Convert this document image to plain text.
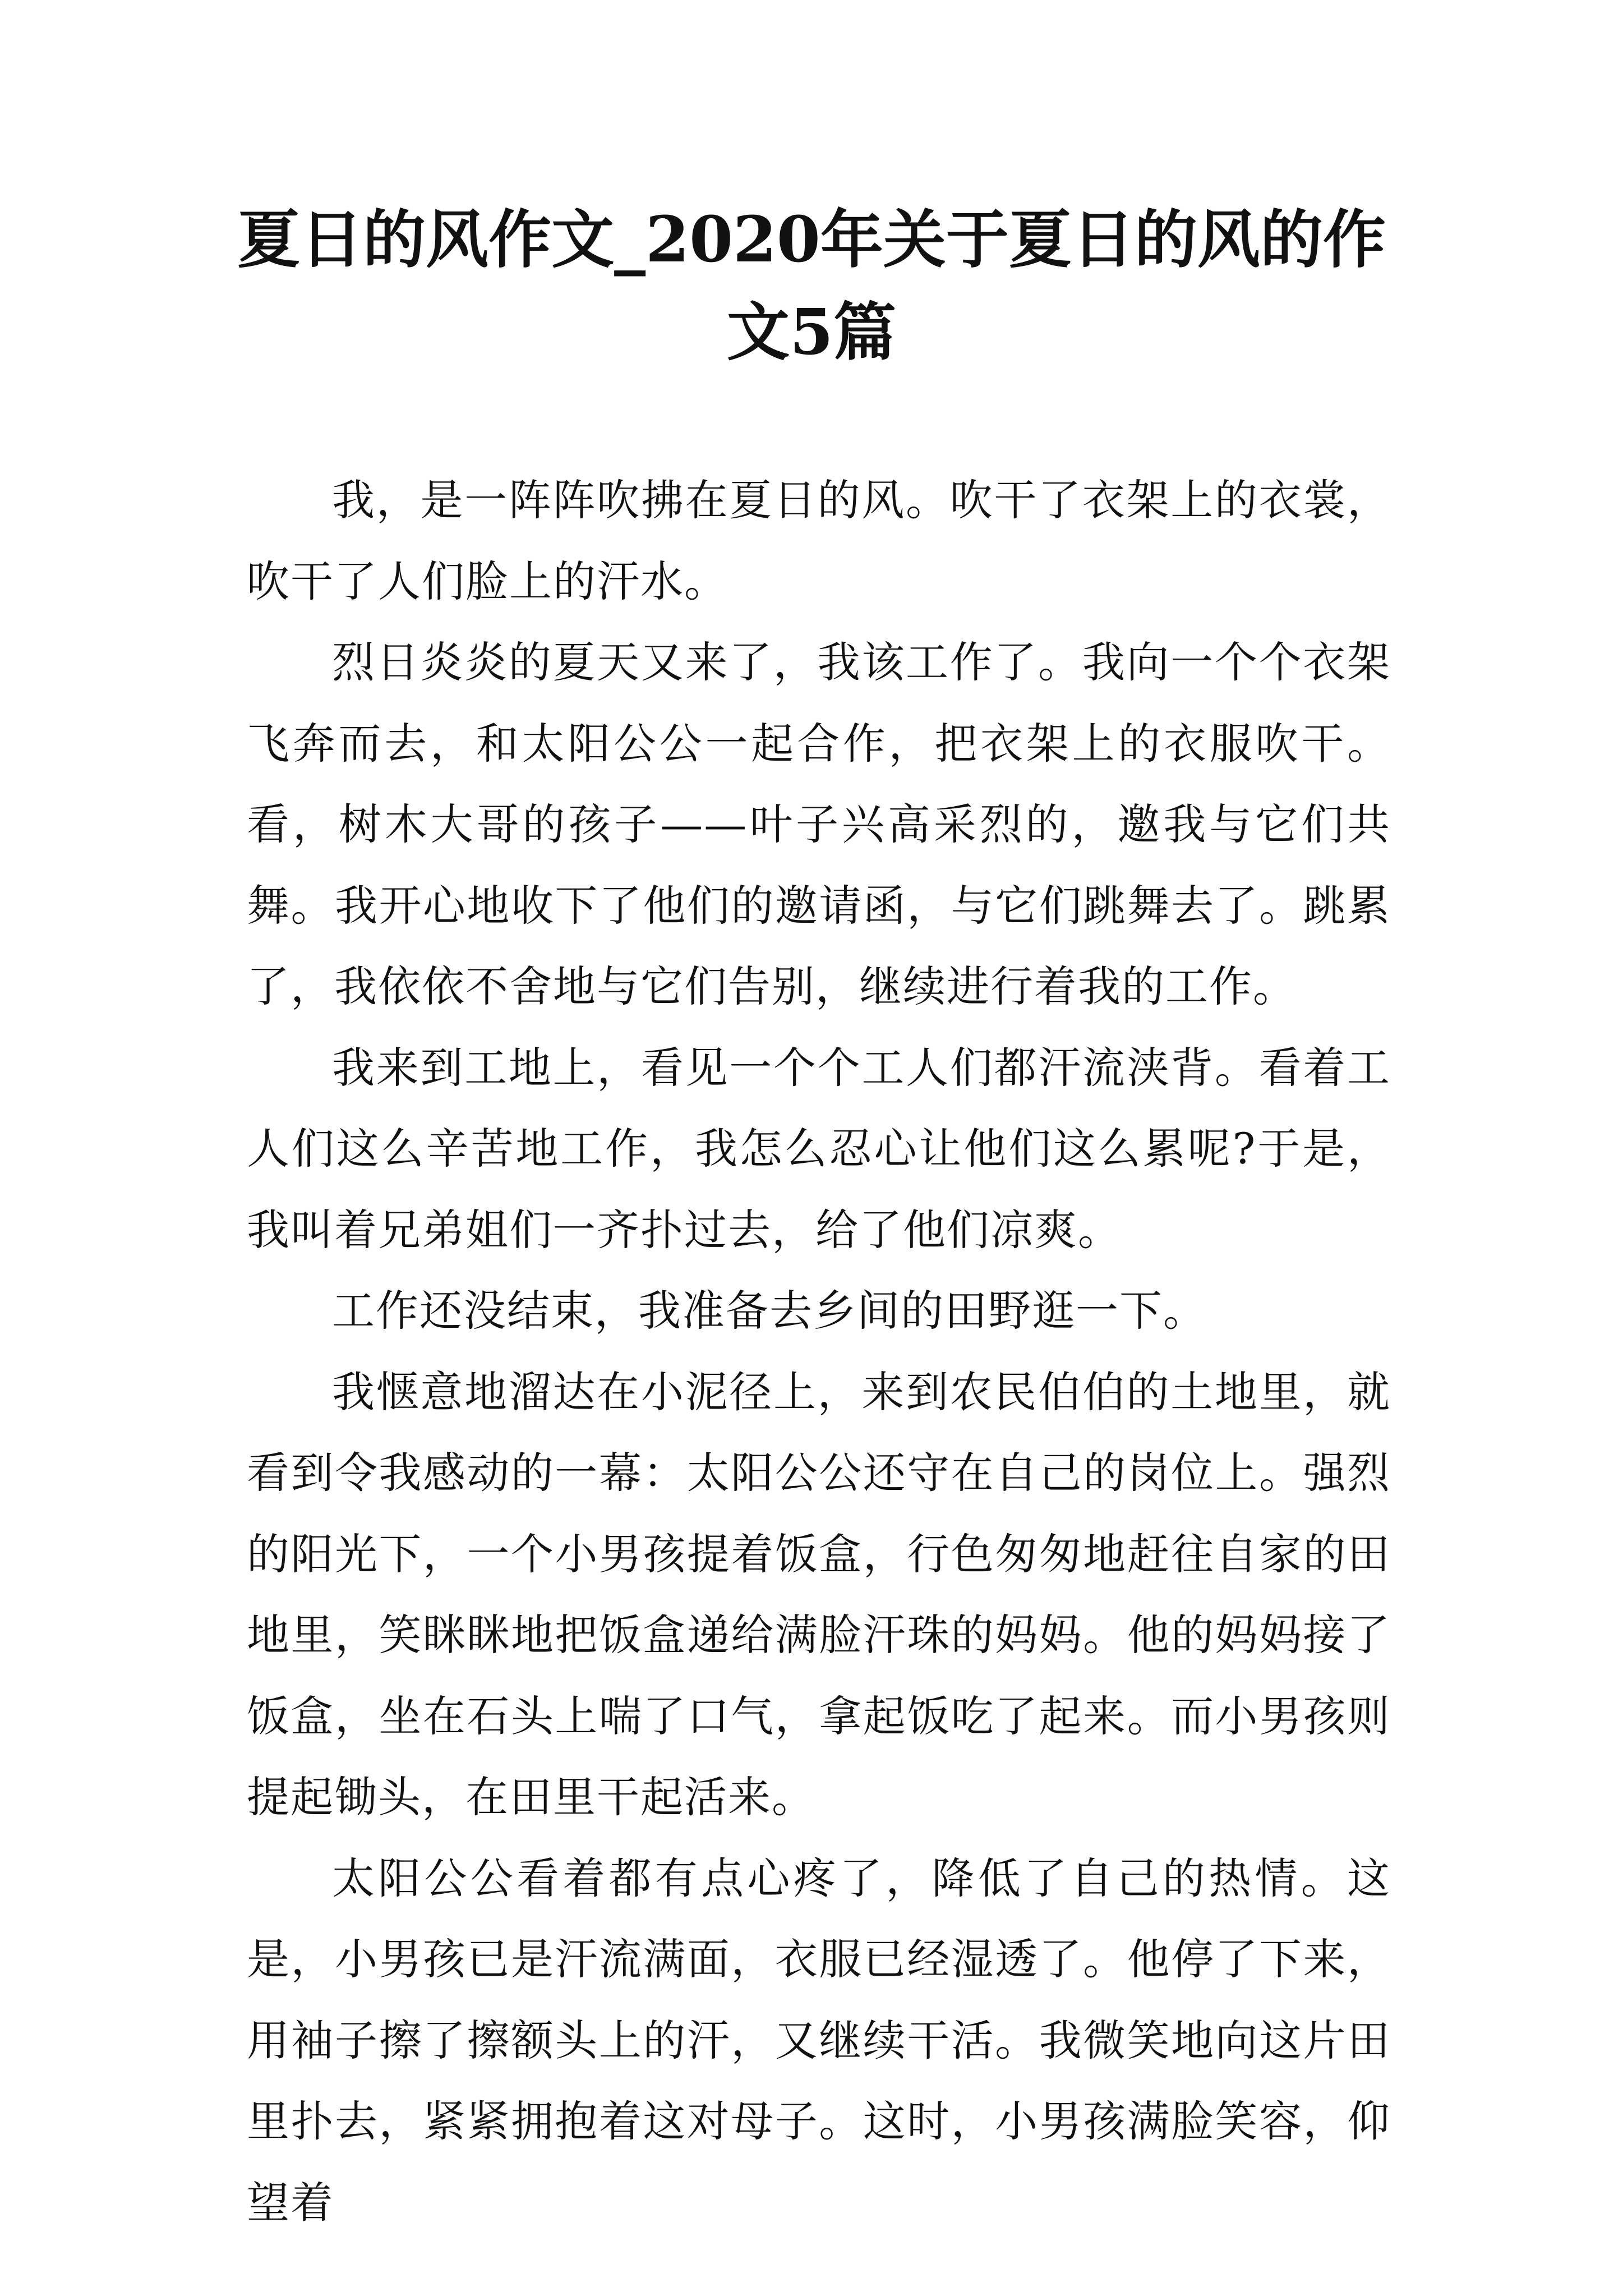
夏日的风作文_2020年关于夏日的风的作文5篇

我，是一阵阵吹拂在夏日的风。吹干了衣架上的衣裳，吹干了人们脸上的汗水。

烈日炎炎的夏天又来了，我该工作了。我向一个个衣架飞奔而去，和太阳公公一起合作，把衣架上的衣服吹干。看，树木大哥的孩子——叶子兴高采烈的，邀我与它们共舞。我开心地收下了他们的邀请函，与它们跳舞去了。跳累了，我依依不舍地与它们告别，继续进行着我的工作。

我来到工地上，看见一个个工人们都汗流浃背。看着工人们这么辛苦地工作，我怎么忍心让他们这么累呢?于是，我叫着兄弟姐们一齐扑过去，给了他们凉爽。

工作还没结束，我准备去乡间的田野逛一下。

我惬意地溜达在小泥径上，来到农民伯伯的土地里，就看到令我感动的一幕：太阳公公还守在自己的岗位上。强烈的阳光下，一个小男孩提着饭盒，行色匆匆地赶往自家的田地里，笑眯眯地把饭盒递给满脸汗珠的妈妈。他的妈妈接了饭盒，坐在石头上喘了口气，拿起饭吃了起来。而小男孩则提起锄头，在田里干起活来。

太阳公公看着都有点心疼了，降低了自己的热情。这是，小男孩已是汗流满面，衣服已经湿透了。他停了下来，用袖子擦了擦额头上的汗，又继续干活。我微笑地向这片田里扑去，紧紧拥抱着这对母子。这时，小男孩满脸笑容，仰望着
